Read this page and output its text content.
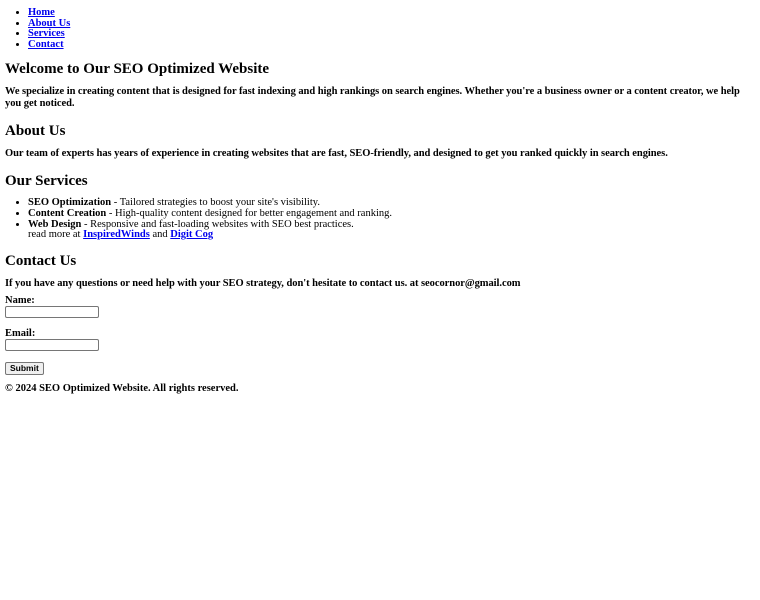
• Home
• About Us
• Services
• Contact
Welcome to Our SEO Optimized Website

We specialize in creating content that is designed for fast indexing and high rankings on search engines. Whether you're a business owner or a content creator, we help you get noticed.

About Us

Our team of experts has years of experience in creating websites that are fast, SEO-friendly, and designed to get you ranked quickly in search engines.

Our Services
• SEO Optimization - Tailored strategies to boost your site's visibility.
• Content Creation - High-quality content designed for better engagement and ranking.
• Web Design - Responsive and fast-loading websites with SEO best practices.
read more at InspiredWinds and Digit Cog
Contact Us

If you have any questions or need help with your SEO strategy, don't hesitate to contact us. at seocornor@gmail.com

Name:
Email:
Submit
© 2024 SEO Optimized Website. All rights reserved.
